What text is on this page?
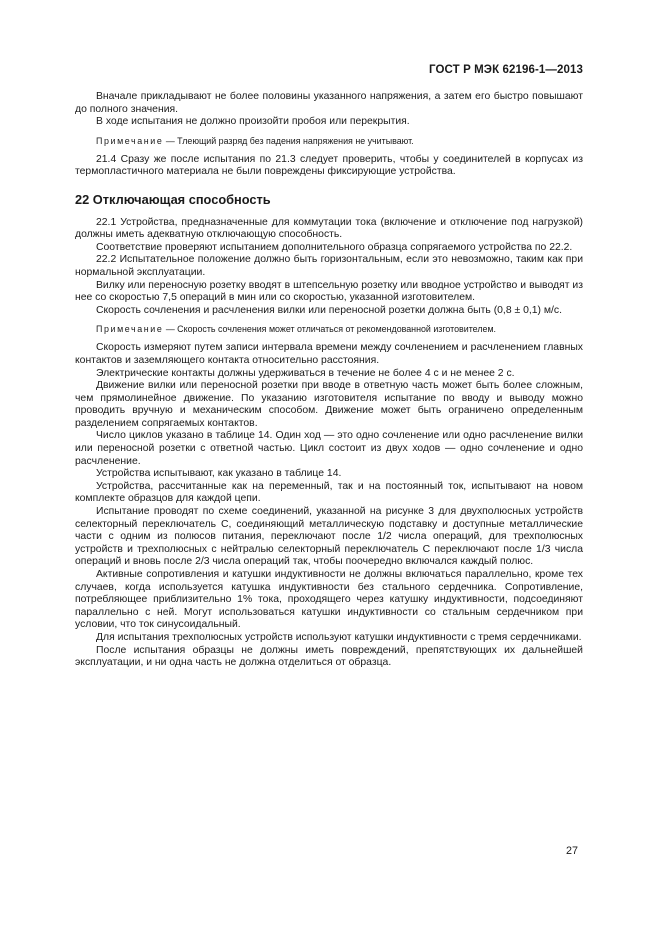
ГОСТ Р МЭК 62196-1—2013

Вначале прикладывают не более половины указанного напряжения, а затем его быстро повышают до полного значения.

В ходе испытания не должно произойти пробоя или перекрытия.

Примечание — Тлеющий разряд без падения напряжения не учитывают.

21.4 Сразу же после испытания по 21.3 следует проверить, чтобы у соединителей в корпусах из термопластичного материала не были повреждены фиксирующие устройства.

22 Отключающая способность

22.1 Устройства, предназначенные для коммутации тока (включение и отключение под нагрузкой) должны иметь адекватную отключающую способность.

Соответствие проверяют испытанием дополнительного образца сопрягаемого устройства по 22.2.

22.2 Испытательное положение должно быть горизонтальным, если это невозможно, таким как при нормальной эксплуатации.

Вилку или переносную розетку вводят в штепсельную розетку или вводное устройство и выводят из нее со скоростью 7,5 операций в мин или со скоростью, указанной изготовителем.

Скорость сочленения и расчленения вилки или переносной розетки должна быть (0,8 ± 0,1) м/с.

Примечание — Скорость сочленения может отличаться от рекомендованной изготовителем.

Скорость измеряют путем записи интервала времени между сочленением и расчленением главных контактов и заземляющего контакта относительно расстояния.

Электрические контакты должны удерживаться в течение не более 4 с и не менее 2 с.

Движение вилки или переносной розетки при вводе в ответную часть может быть более сложным, чем прямолинейное движение. По указанию изготовителя испытание по вводу и выводу можно проводить вручную и механическим способом. Движение может быть ограничено определенным разделением сопрягаемых контактов.

Число циклов указано в таблице 14. Один ход — это одно сочленение или одно расчленение вилки или переносной розетки с ответной частью. Цикл состоит из двух ходов — одно сочленение и одно расчленение.

Устройства испытывают, как указано в таблице 14.

Устройства, рассчитанные как на переменный, так и на постоянный ток, испытывают на новом комплекте образцов для каждой цепи.

Испытание проводят по схеме соединений, указанной на рисунке 3 для двухполюсных устройств селекторный переключатель С, соединяющий металлическую подставку и доступные металлические части с одним из полюсов питания, переключают после 1/2 числа операций, для трехполюсных устройств и трехполюсных с нейтралью селекторный переключатель С переключают после 1/3 числа операций и вновь после 2/3 числа операций так, чтобы поочередно включался каждый полюс.

Активные сопротивления и катушки индуктивности не должны включаться параллельно, кроме тех случаев, когда используется катушка индуктивности без стального сердечника. Сопротивление, потребляющее приблизительно 1% тока, проходящего через катушку индуктивности, подсоединяют параллельно с ней. Могут использоваться катушки индуктивности со стальным сердечником при условии, что ток синусоидальный.

Для испытания трехполюсных устройств используют катушки индуктивности с тремя сердечниками.

После испытания образцы не должны иметь повреждений, препятствующих их дальнейшей эксплуатации, и ни одна часть не должна отделиться от образца.

27
